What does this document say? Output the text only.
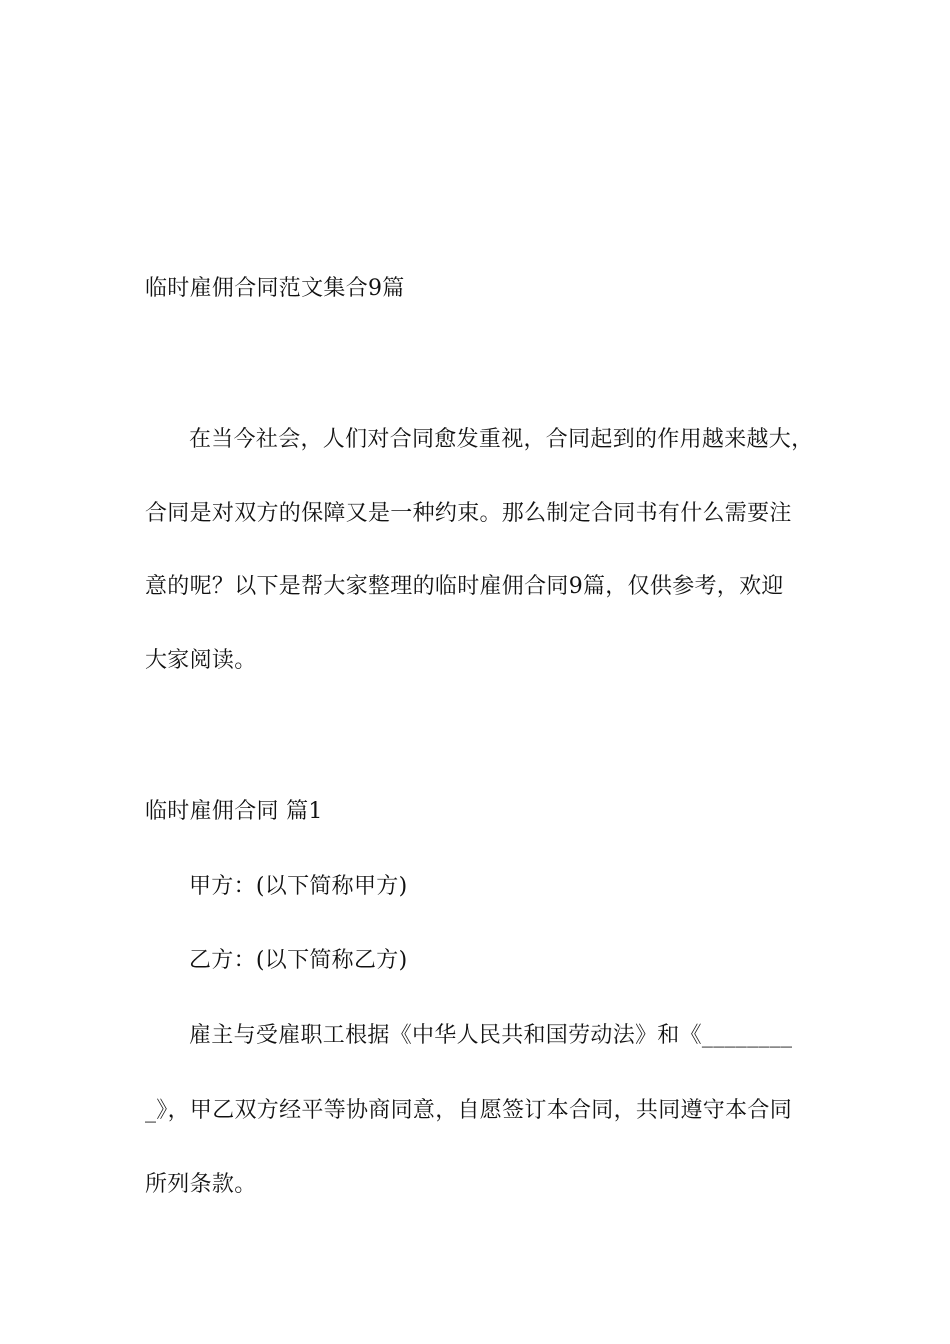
临时雇佣合同范文集合9篇
在当今社会，人们对合同愈发重视，合同起到的作用越来越大，
合同是对双方的保障又是一种约束。那么制定合同书有什么需要注
意的呢？以下是帮大家整理的临时雇佣合同9篇，仅供参考，欢迎
大家阅读。
临时雇佣合同 篇1
甲方：(以下简称甲方)
乙方：(以下简称乙方)
雇主与受雇职工根据《中华人民共和国劳动法》和《________
_》，甲乙双方经平等协商同意，自愿签订本合同，共同遵守本合同
所列条款。
